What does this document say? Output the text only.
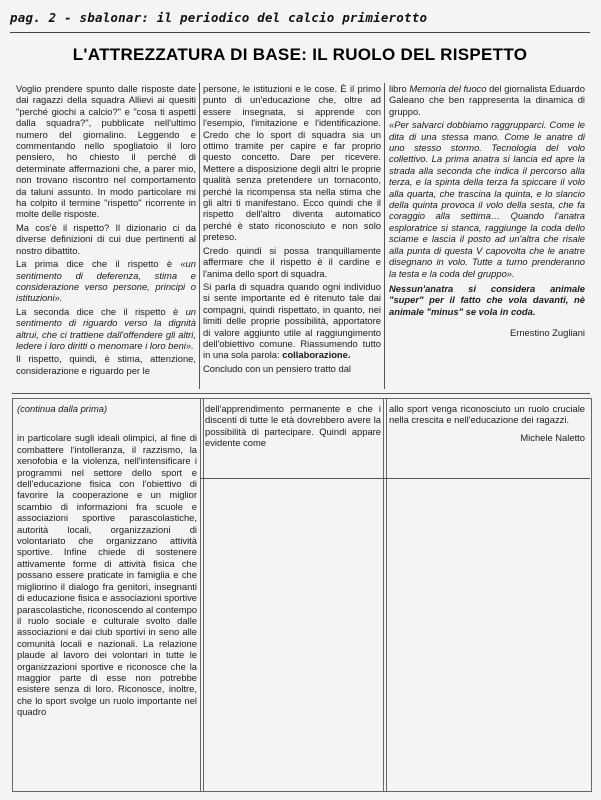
pag. 2 - sbalonar: il periodico del calcio primierotto
L'ATTREZZATURA DI BASE: IL RUOLO DEL RISPETTO

Voglio prendere spunto dalle risposte date dai ragazzi della squadra Allievi ai quesiti "perché giochi a calcio?" e "cosa ti aspetti dalla squadra?", pubblicate nell'ultimo numero del giornalino. Leggendo e commentando nello spogliatoio il loro pensiero, ho chiesto il perché di determinate affermazioni che, a parer mio, non trovano riscontro nel comportamento da taluni assunto. In modo particolare mi ha colpito il termine "rispetto" ricorrente in molte delle risposte.

Ma cos'è il rispetto? Il dizionario ci da diverse definizioni di cui due pertinenti al nostro dibattito.

La prima dice che il rispetto è «un sentimento di deferenza, stima e considerazione verso persone, principi o istituzioni».

La seconda dice che il rispetto è un sentimento di riguardo verso la dignità altrui, che ci trattiene dall'offendere gli altri, ledere i loro diritti o menomare i loro beni».

Il rispetto, quindi, è stima, attenzione, considerazione e riguardo per le

persone, le istituzioni e le cose. È il primo punto di un'educazione che, oltre ad essere insegnata, si apprende con l'esempio, l'imitazione e l'identificazione. Credo che lo sport di squadra sia un ottimo tramite per capire e far proprio questo concetto. Dare per ricevere. Mettere a disposizione degli altri le proprie qualità senza pretendere un tornaconto, perché la ricompensa sta nella stima che gli altri ti manifestano. Ecco quindi che il rispetto dell'altro diventa automatico perché è stato riconosciuto e non solo preteso.

Credo quindi si possa tranquillamente affermare che il rispetto è il cardine e l'anima dello sport di squadra.

Si parla di squadra quando ogni individuo si sente importante ed è ritenuto tale dai compagni, quindi rispettato, in quanto, nei limiti delle proprie possibilità, apportatore di valore aggiunto utile al raggiungimento dell'obiettivo comune. Riassumendo tutto in una sola parola: collaborazione.

Concludo con un pensiero tratto dal

libro Memoria del fuoco del giornalista Eduardo Galeano che ben rappresenta la dinamica di gruppo.

«Per salvarci dobbiamo raggrupparci. Come le dita di una stessa mano. Come le anatre di uno stesso stormo. Tecnologia del volo collettivo. La prima anatra si lancia ed apre la strada alla seconda che indica il percorso alla terza, e la spinta della terza fa spiccare il volo alla quarta, che trascina la quinta, e lo slancio della quinta provoca il volo della sesta, che fa coraggio alla settima… Quando l'anatra esploratrice si stanca, raggiunge la coda dello sciame e lascia il posto ad un'altra che risale alla punta di questa V capovolta che le anatre disegnano in volo. Tutte a turno prenderanno la testa e la coda del gruppo».

Nessun'anatra si considera animale "super" per il fatto che vola davanti, nè animale "minus" se vola in coda.

Ernestino Zugliani

(continua dalla prima)

in particolare sugli ideali olimpici, al fine di combattere l'intolleranza, il razzismo, la xenofobia e la violenza, nell'intensificare i programmi nel settore dello sport e dell'educazione fisica con l'obiettivo di favorire la cooperazione e un miglior scambio di informazioni fra scuole e associazioni sportive parascolastiche, autorità locali, organizzazioni di volontariato che organizzano attività sportive. Infine chiede di sostenere attivamente forme di attività fisica che possano essere praticate in famiglia e che migliorino il dialogo fra genitori, insegnanti di educazione fisica e associazioni sportive parascolastiche, riconoscendo al contempo il ruolo sociale e culturale svolto dalle associazioni e dai club sportivi in seno alle comunità locali e nazionali. La relazione plaude al lavoro dei volontari in tutte le organizzazioni sportive e riconosce che la maggior parte di esse non potrebbe esistere senza di loro. Riconosce, inoltre, che lo sport svolge un ruolo importante nel quadro

dell'apprendimento permanente e che i discenti di tutte le età dovrebbero avere la possibilità di partecipare. Quindi appare evidente come

allo sport venga riconosciuto un ruolo cruciale nella crescita e nell'educazione dei ragazzi.

Michele Naletto
